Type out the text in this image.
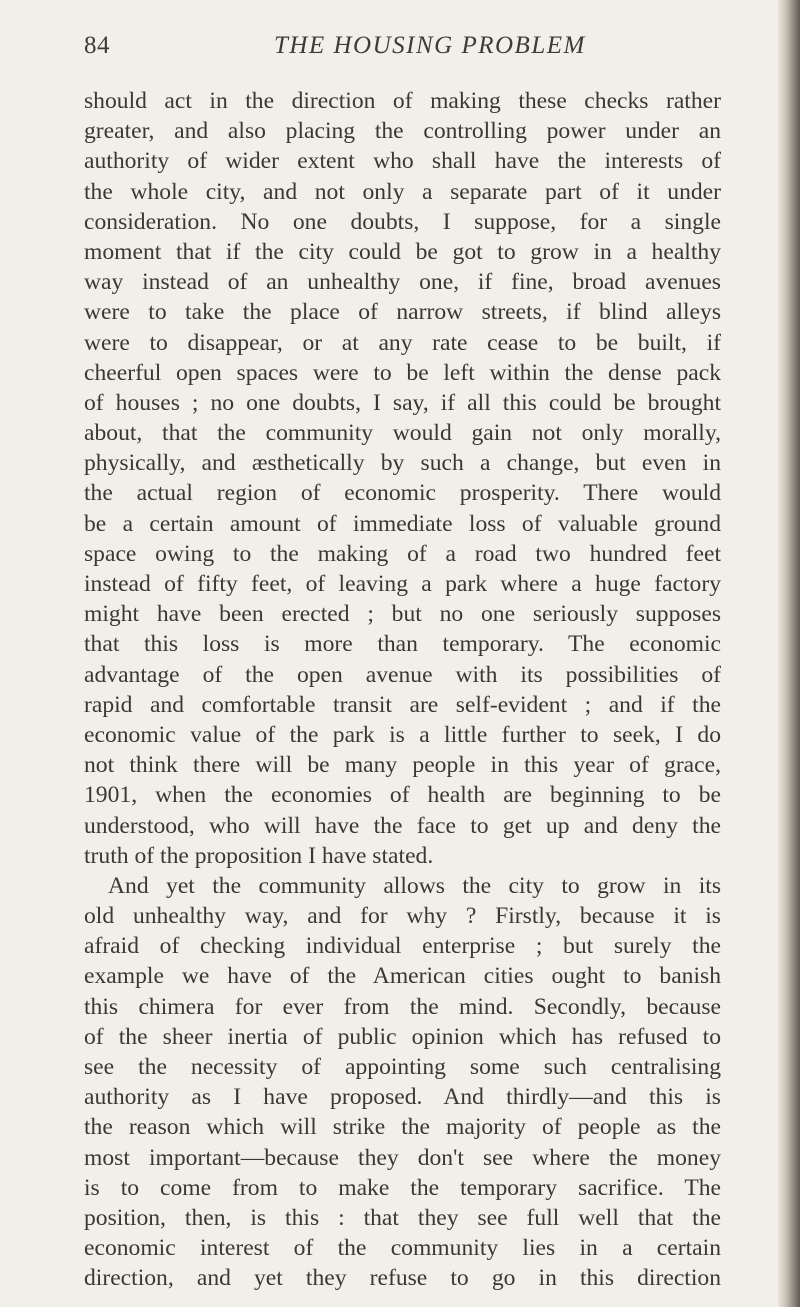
84	THE HOUSING PROBLEM
should act in the direction of making these checks rather
greater, and also placing the controlling power under an
authority of wider extent who shall have the interests of
the whole city, and not only a separate part of it under
consideration. No one doubts, I suppose, for a single
moment that if the city could be got to grow in a healthy
way instead of an unhealthy one, if fine, broad avenues
were to take the place of narrow streets, if blind alleys
were to disappear, or at any rate cease to be built, if
cheerful open spaces were to be left within the dense pack
of houses ; no one doubts, I say, if all this could be brought
about, that the community would gain not only morally,
physically, and æsthetically by such a change, but even in
the actual region of economic prosperity. There would
be a certain amount of immediate loss of valuable ground
space owing to the making of a road two hundred feet
instead of fifty feet, of leaving a park where a huge factory
might have been erected ; but no one seriously supposes
that this loss is more than temporary. The economic
advantage of the open avenue with its possibilities of
rapid and comfortable transit are self-evident ; and if the
economic value of the park is a little further to seek, I do
not think there will be many people in this year of grace,
1901, when the economies of health are beginning to be
understood, who will have the face to get up and deny the
truth of the proposition I have stated.
And yet the community allows the city to grow in its
old unhealthy way, and for why ? Firstly, because it is
afraid of checking individual enterprise ; but surely the
example we have of the American cities ought to banish
this chimera for ever from the mind. Secondly, because
of the sheer inertia of public opinion which has refused to
see the necessity of appointing some such centralising
authority as I have proposed. And thirdly—and this is
the reason which will strike the majority of people as the
most important—because they don't see where the money
is to come from to make the temporary sacrifice. The
position, then, is this : that they see full well that the
economic interest of the community lies in a certain
direction, and yet they refuse to go in this direction
